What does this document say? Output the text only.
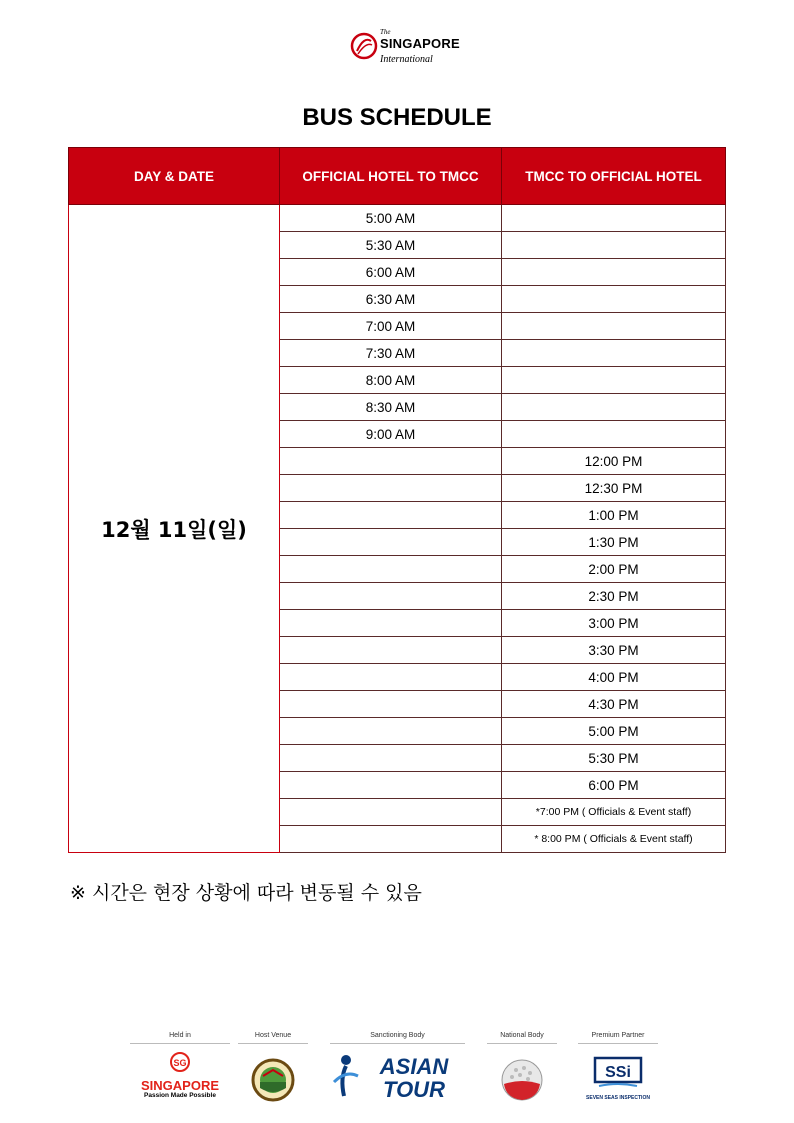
The
SINGAPORE
International
BUS SCHEDULE
DAY & DATE	OFFICIAL HOTEL TO TMCC	TMCC TO OFFICIAL HOTEL
12월 11일(일)	5:00 AM	
	5:30 AM	
	6:00 AM	
	6:30 AM	
	7:00 AM	
	7:30 AM	
	8:00 AM	
	8:30 AM	
	9:00 AM	
		12:00 PM
		12:30 PM
		1:00 PM
		1:30 PM
		2:00 PM
		2:30 PM
		3:00 PM
		3:30 PM
		4:00 PM
		4:30 PM
		5:00 PM
		5:30 PM
		6:00 PM
		*7:00 PM ( Officials & Event staff)
		* 8:00 PM ( Officials & Event staff)
※ 시간은 현장 상황에 따라 변동될 수 있음
Held in
SG
SINGAPORE
Passion Made Possible
Host Venue	Sanctioning Body
ASIAN
TOUR
National Body	Premium Partner
SSi
SEVEN SEAS INSPECTION
